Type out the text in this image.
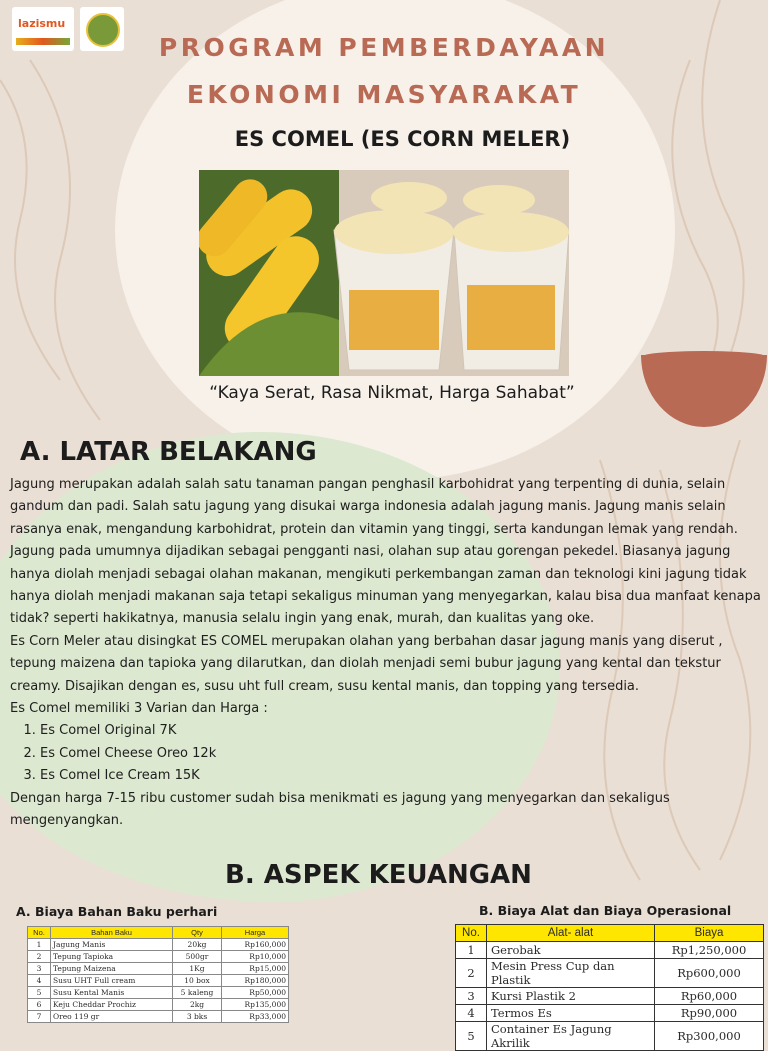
lazismu
PROGRAM PEMBERDAYAAN
EKONOMI MASYARAKAT
ES COMEL (ES CORN MELER)
“Kaya Serat, Rasa Nikmat, Harga Sahabat”
A. LATAR BELAKANG

Jagung merupakan adalah salah satu tanaman pangan penghasil karbohidrat yang terpenting di dunia, selain gandum dan padi. Salah satu jagung yang disukai warga indonesia adalah jagung manis. Jagung manis selain rasanya enak, mengandung karbohidrat, protein dan vitamin yang tinggi, serta kandungan lemak yang rendah. Jagung pada umumnya dijadikan sebagai pengganti nasi, olahan sup atau gorengan pekedel. Biasanya jagung hanya diolah menjadi sebagai olahan makanan, mengikuti perkembangan zaman dan teknologi kini jagung tidak hanya diolah menjadi makanan saja tetapi sekaligus minuman yang menyegarkan, kalau bisa dua manfaat kenapa tidak? seperti hakikatnya, manusia selalu ingin yang enak, murah, dan kualitas yang oke.

Es Corn Meler atau disingkat ES COMEL merupakan olahan yang berbahan dasar jagung manis yang diserut , tepung maizena dan tapioka yang dilarutkan, dan diolah menjadi semi bubur jagung yang kental dan tekstur creamy. Disajikan dengan es, susu uht full cream, susu kental manis, dan topping yang tersedia.

Es Comel memiliki 3 Varian dan Harga :

1. Es Comel Original 7K
2. Es Comel Cheese Oreo 12k
3. Es Comel Ice Cream 15K

Dengan harga 7-15 ribu customer sudah bisa menikmati es jagung yang menyegarkan dan sekaligus mengenyangkan.

B. ASPEK KEUANGAN
A. Biaya Bahan Baku perhari	B. Biaya Alat dan Biaya Operasional
No.	Bahan Baku	Qty	Harga
1	Jagung Manis	20kg	Rp160,000
2	Tepung Tapioka	500gr	Rp10,000
3	Tepung Maizena	1Kg	Rp15,000
4	Susu UHT Full cream	10 box	Rp180,000
5	Susu Kental Manis	5 kaleng	Rp50,000
6	Keju Cheddar Prochiz	2kg	Rp135,000
7	Oreo 119 gr	3 bks	Rp33,000
No.	Alat- alat	Biaya
1	Gerobak	Rp1,250,000
2	Mesin Press Cup dan Plastik	Rp600,000
3	Kursi Plastik 2	Rp60,000
4	Termos Es	Rp90,000
5	Container Es Jagung Akrilik	Rp300,000
